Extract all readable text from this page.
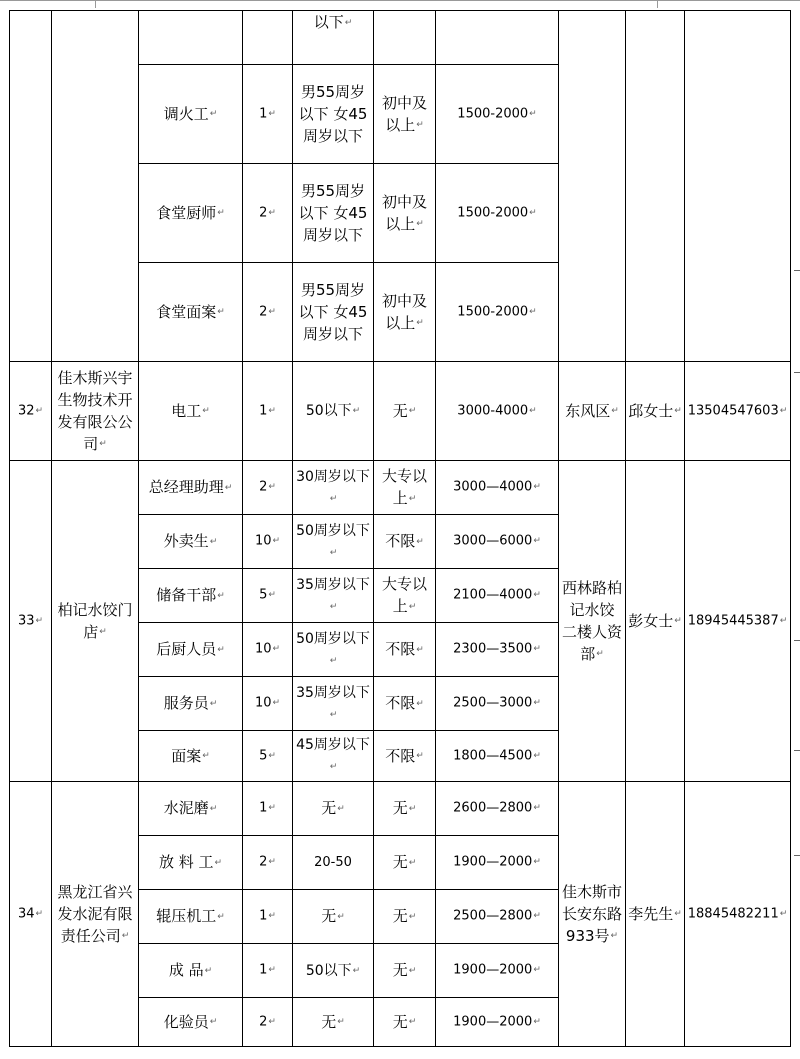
				以下↵					
		调火工↵	1↵	男55周岁以下 女45周岁以下	初中及以上↵	1500-2000↵			
		食堂厨师↵	2↵	男55周岁以下 女45周岁以下	初中及以上↵	1500-2000↵			
		食堂面案↵	2↵	男55周岁以下 女45周岁以下	初中及以上↵	1500-2000↵			
32↵	佳木斯兴宇生物技术开发有限公公司↵	电工↵	1↵	50以下↵	无↵	3000-4000↵	东风区↵	邱女士↵	13504547603↵
33↵	柏记水饺门店↵	总经理助理↵	2↵	30周岁以下↵	大专以上↵	3000—4000↵	西林路柏记水饺 二楼人资部↵	彭女士↵	18945445387↵
		外卖生↵	10↵	50周岁以下↵	不限↵	3000—6000↵			
		储备干部↵	5↵	35周岁以下↵	大专以上↵	2100—4000↵			
		后厨人员↵	10↵	50周岁以下↵	不限↵	2300—3500↵			
		服务员↵	10↵	35周岁以下↵	不限↵	2500—3000↵			
		面案↵	5↵	45周岁以下↵	不限↵	1800—4500↵			
34↵	黑龙江省兴发水泥有限责任公司↵	水泥磨↵	1↵	无↵	无↵	2600—2800↵	佳木斯市长安东路933号↵	李先生↵	18845482211↵
		放 料 工↵	2↵	20-50	无↵	1900—2000↵			
		辊压机工↵	1↵	无↵	无↵	2500—2800↵			
		成 品↵	1↵	50以下↵	无↵	1900—2000↵			
		化验员↵	2↵	无↵	无↵	1900—2000↵			
